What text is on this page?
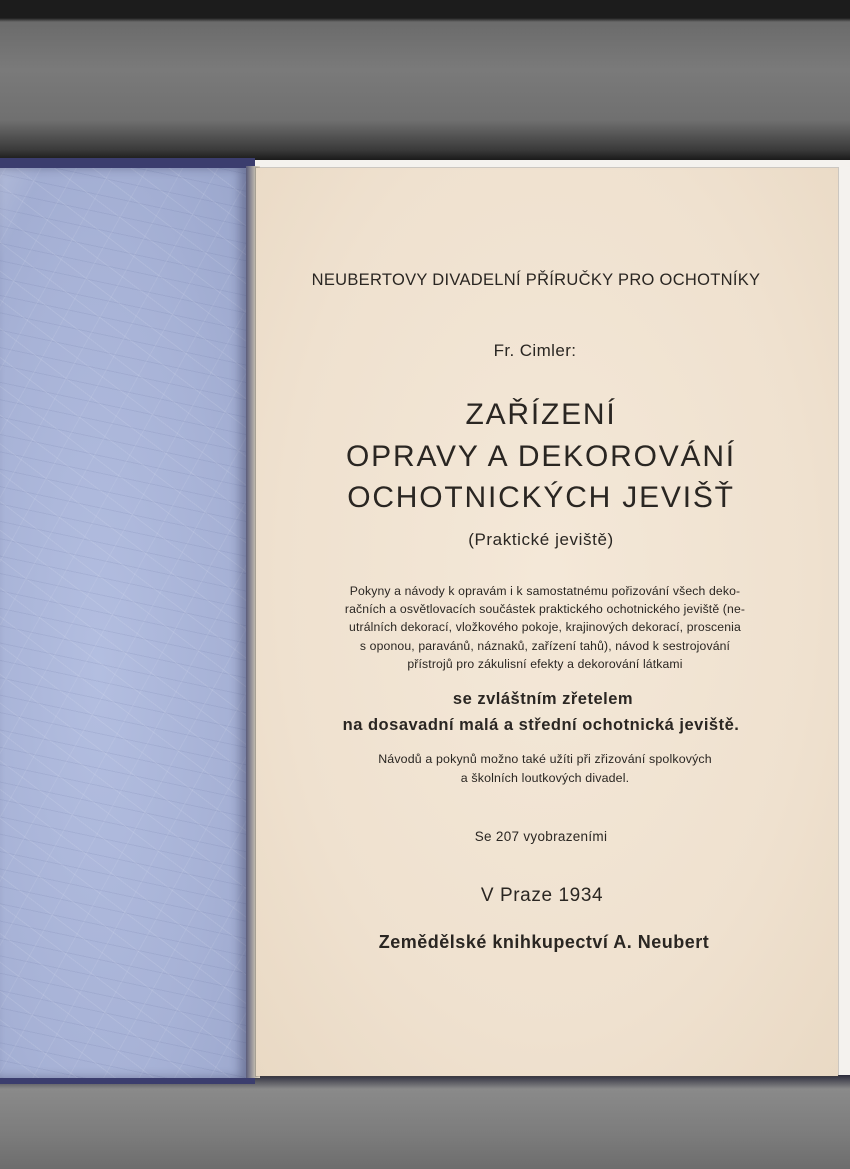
NEUBERTOVY DIVADELNÍ PŘÍRUČKY PRO OCHOTNÍKY
Fr. Cimler:
ZAŘÍZENÍ
OPRAVY A DEKOROVÁNÍ
OCHOTNICKÝCH JEVIŠŤ
(Praktické jeviště)
Pokyny a návody k opravám i k samostatnému pořizování všech deko-
račních a osvětlovacích součástek praktického ochotnického jeviště (ne-
utrálních dekorací, vložkového pokoje, krajinových dekorací, proscenia
s oponou, paravánů, náznaků, zařízení tahů), návod k sestrojování
přístrojů pro zákulisní efekty a dekorování látkami
se zvláštním zřetelem
na dosavadní malá a střední ochotnická jeviště.
Návodů a pokynů možno také užíti při zřizování spolkových
a školních loutkových divadel.
Se 207 vyobrazeními
V Praze 1934
Zemědělské knihkupectví A. Neubert
